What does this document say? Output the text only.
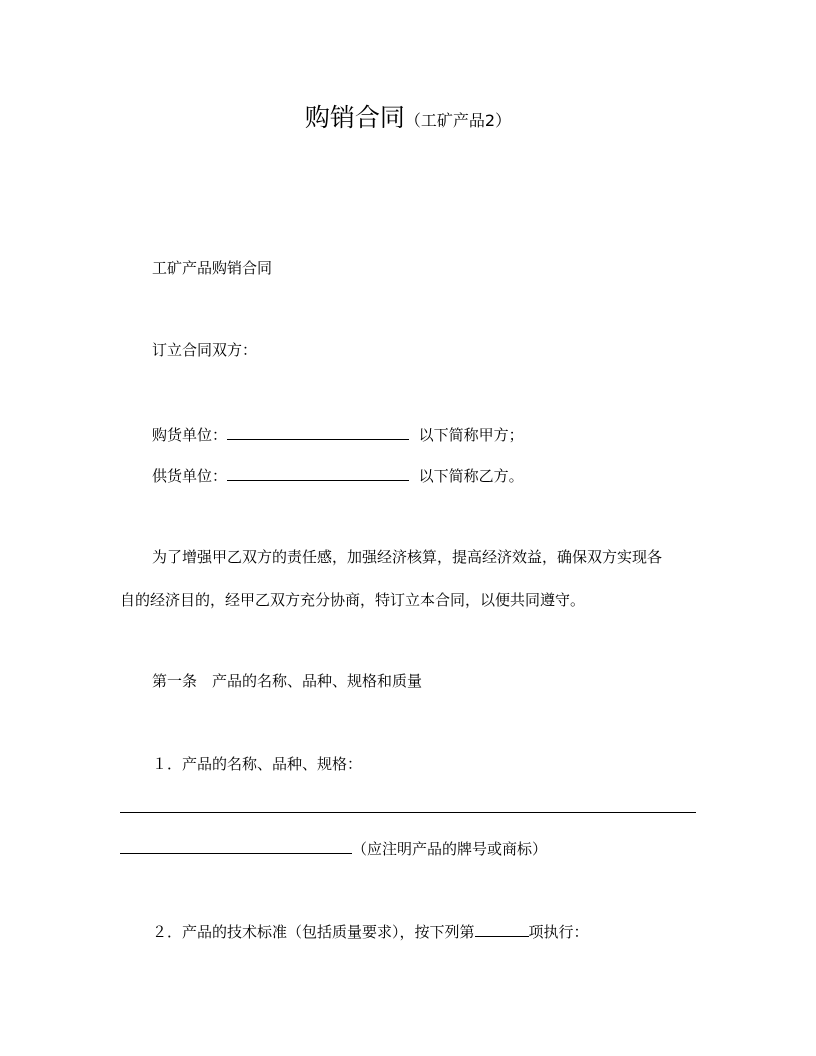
购销合同（工矿产品2）
工矿产品购销合同
订立合同双方：
购货单位：	以下简称甲方；
供货单位：	以下简称乙方。
为了增强甲乙双方的责任感，加强经济核算，提高经济效益，确保双方实现各
自的经济目的，经甲乙双方充分协商，特订立本合同，以便共同遵守。
第一条　产品的名称、品种、规格和质量
１．产品的名称、品种、规格：
（应注明产品的牌号或商标）
２．产品的技术标准（包括质量要求），按下列第	项执行：
